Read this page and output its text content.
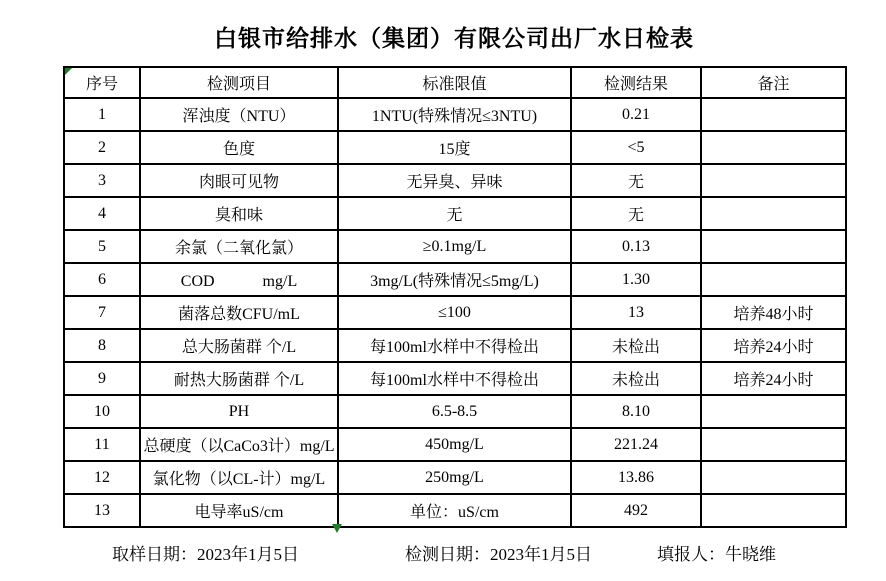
白银市给排水（集团）有限公司出厂水日检表
序号	检测项目	标准限值	检测结果	备注
1	浑浊度（NTU）	1NTU(特殊情况≤3NTU)	0.21	
2	色度	15度	<5	
3	肉眼可见物	无异臭、异味	无	
4	臭和味	无	无	
5	余氯（二氧化氯）	≥0.1mg/L	0.13	
6	COD　　　mg/L	3mg/L(特殊情况≤5mg/L)	1.30	
7	菌落总数CFU/mL	≤100	13	培养48小时
8	总大肠菌群 个/L	每100ml水样中不得检出	未检出	培养24小时
9	耐热大肠菌群 个/L	每100ml水样中不得检出	未检出	培养24小时
10	PH	6.5-8.5	8.10	
11	总硬度（以CaCo3计）mg/L	450mg/L	221.24	
12	氯化物（以CL-计）mg/L	250mg/L	13.86	
13	电导率uS/cm	单位：uS/cm	492	
取样日期：2023年1月5日	检测日期：2023年1月5日	填报人：牛晓维
